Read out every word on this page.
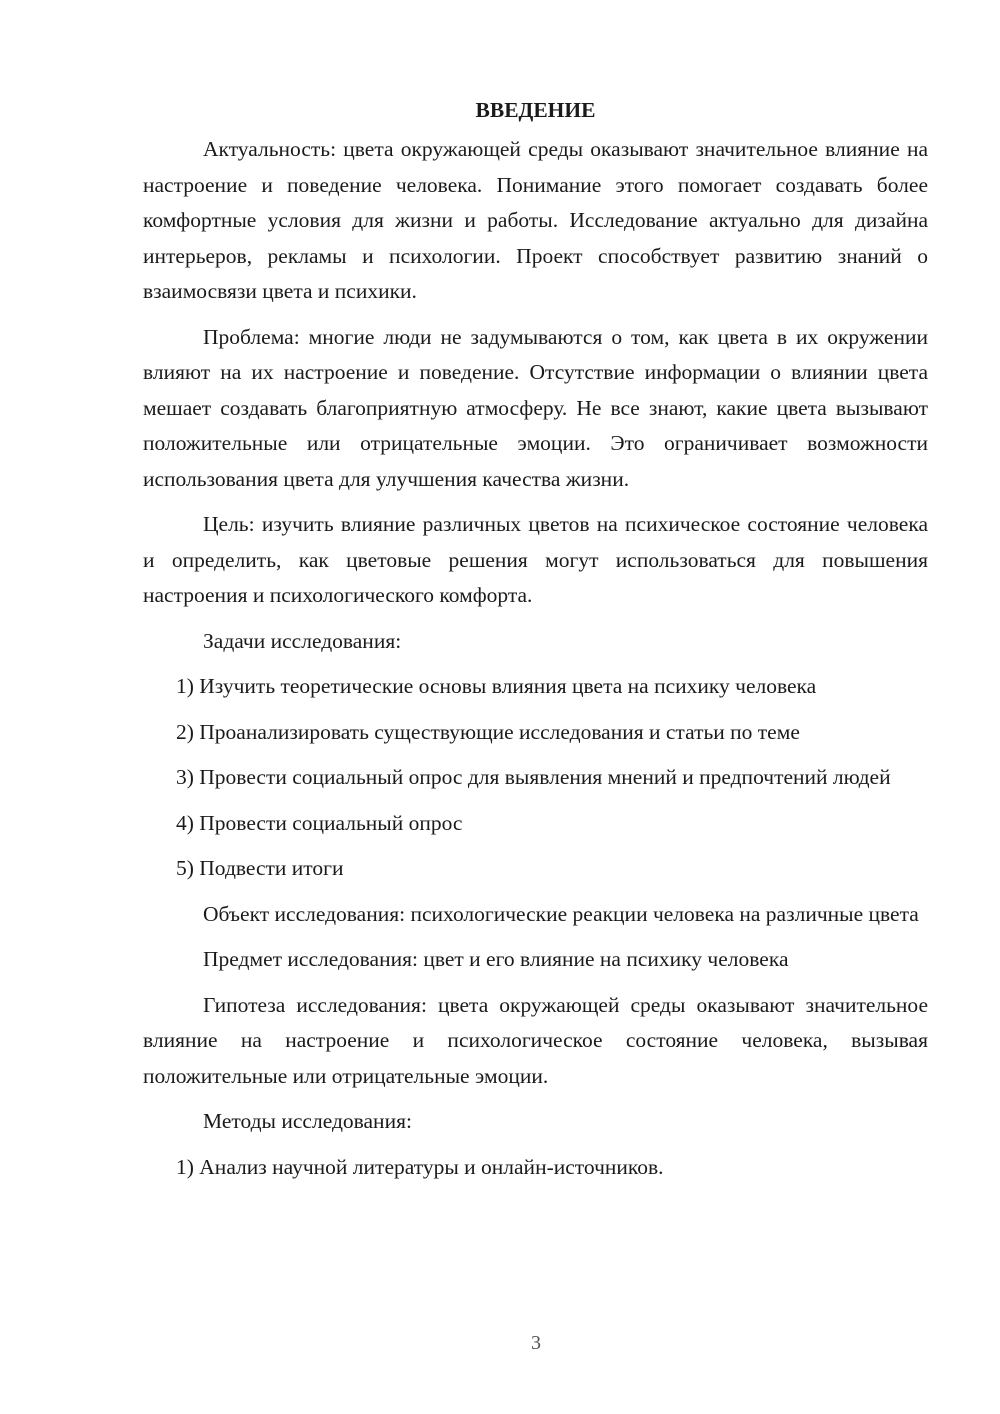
ВВЕДЕНИЕ

Актуальность: цвета окружающей среды оказывают значительное влияние на настроение и поведение человека. Понимание этого помогает создавать более комфортные условия для жизни и работы. Исследование актуально для дизайна интерьеров, рекламы и психологии. Проект способствует развитию знаний о взаимосвязи цвета и психики.

Проблема: многие люди не задумываются о том, как цвета в их окружении влияют на их настроение и поведение. Отсутствие информации о влиянии цвета мешает создавать благоприятную атмосферу. Не все знают, какие цвета вызывают положительные или отрицательные эмоции. Это ограничивает возможности использования цвета для улучшения качества жизни.

Цель: изучить влияние различных цветов на психическое состояние человека и определить, как цветовые решения могут использоваться для повышения настроения и психологического комфорта.

Задачи исследования:

1) Изучить теоретические основы влияния цвета на психику человека

2) Проанализировать существующие исследования и статьи по теме

3) Провести социальный опрос для выявления мнений и предпочтений людей

4) Провести социальный опрос

5) Подвести итоги

Объект исследования: психологические реакции человека на различные цвета

Предмет исследования: цвет и его влияние на психику человека

Гипотеза исследования: цвета окружающей среды оказывают значительное влияние на настроение и психологическое состояние человека, вызывая положительные или отрицательные эмоции.

Методы исследования:

1) Анализ научной литературы и онлайн-источников.

3
